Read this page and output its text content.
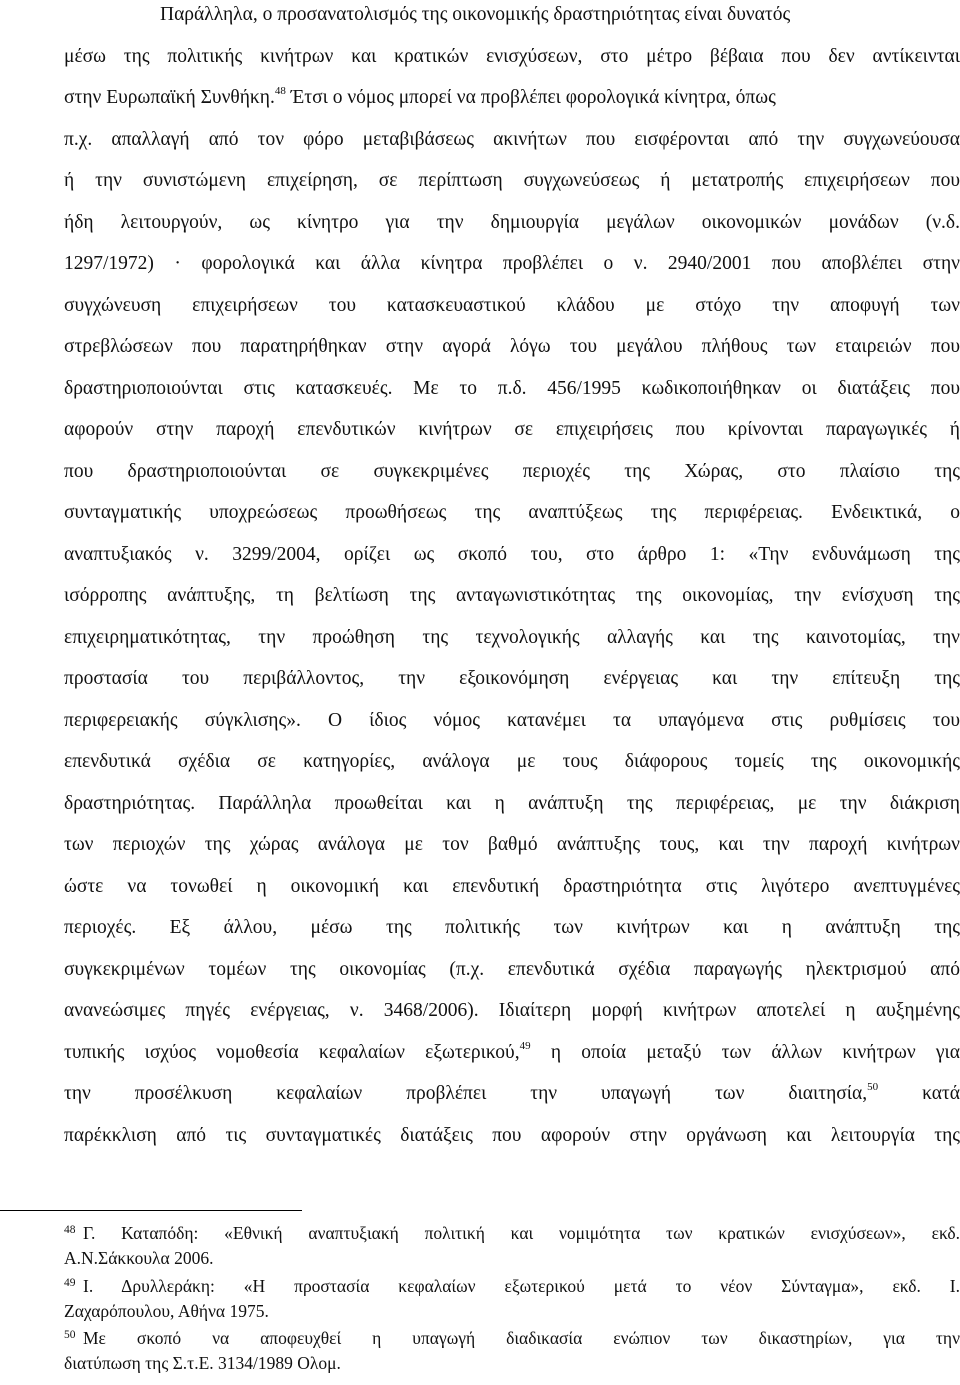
Παράλληλα, ο προσανατολισμός της οικονομικής δραστηριότητας είναι δυνατός
μέσω της πολιτικής κινήτρων και κρατικών ενισχύσεων, στο μέτρο βέβαια που δεν αντίκεινται
στην Ευρωπαϊκή Συνθήκη.$^{48}$ Έτσι ο νόμος μπορεί να προβλέπει φορολογικά κίνητρα, όπως
π.χ. απαλλαγή από τον φόρο μεταβιβάσεως ακινήτων που εισφέρονται από την συγχωνεύουσα
ή την συνιστώμενη επιχείρηση, σε περίπτωση συγχωνεύσεως ή μετατροπής επιχειρήσεων που
ήδη λειτουργούν, ως κίνητρο για την δημιουργία μεγάλων οικονομικών μονάδων (ν.δ.
1297/1972) · φορολογικά και άλλα κίνητρα προβλέπει ο ν. 2940/2001 που αποβλέπει στην
συγχώνευση επιχειρήσεων του κατασκευαστικού κλάδου με στόχο την αποφυγή των
στρεβλώσεων που παρατηρήθηκαν στην αγορά λόγω του μεγάλου πλήθους των εταιρειών που
δραστηριοποιούνται στις κατασκευές. Με το π.δ. 456/1995 κωδικοποιήθηκαν οι διατάξεις που
αφορούν στην παροχή επενδυτικών κινήτρων σε επιχειρήσεις που κρίνονται παραγωγικές ή
που δραστηριοποιούνται σε συγκεκριμένες περιοχές της Χώρας, στο πλαίσιο της
συνταγματικής υποχρεώσεως προωθήσεως της αναπτύξεως της περιφέρειας. Ενδεικτικά, ο
αναπτυξιακός ν. 3299/2004, ορίζει ως σκοπό του, στο άρθρο 1: «Την ενδυνάμωση της
ισόρροπης ανάπτυξης, τη βελτίωση της ανταγωνιστικότητας της οικονομίας, την ενίσχυση της
επιχειρηματικότητας, την προώθηση της τεχνολογικής αλλαγής και της καινοτομίας, την
προστασία του περιβάλλοντος, την εξοικονόμηση ενέργειας και την επίτευξη της
περιφερειακής σύγκλισης». Ο ίδιος νόμος κατανέμει τα υπαγόμενα στις ρυθμίσεις του
επενδυτικά σχέδια σε κατηγορίες, ανάλογα με τους διάφορους τομείς της οικονομικής
δραστηριότητας. Παράλληλα προωθείται και η ανάπτυξη της περιφέρειας, με την διάκριση
των περιοχών της χώρας ανάλογα με τον βαθμό ανάπτυξης τους, και την παροχή κινήτρων
ώστε να τονωθεί η οικονομική και επενδυτική δραστηριότητα στις λιγότερο ανεπτυγμένες
περιοχές. Εξ άλλου, μέσω της πολιτικής των κινήτρων και η ανάπτυξη της
συγκεκριμένων τομέων της οικονομίας (π.χ. επενδυτικά σχέδια παραγωγής ηλεκτρισμού από
ανανεώσιμες πηγές ενέργειας, ν. 3468/2006). Ιδιαίτερη μορφή κινήτρων αποτελεί η αυξημένης
τυπικής ισχύος νομοθεσία κεφαλαίων εξωτερικού,$^{49}$ η οποία μεταξύ των άλλων κινήτρων για
την προσέλκυση κεφαλαίων προβλέπει την υπαγωγή των διαιτησία,$^{50}$ κατά
παρέκκλιση από τις συνταγματικές διατάξεις που αφορούν στην οργάνωση και λειτουργία της
48 Γ. Καταπόδη: «Εθνική αναπτυξιακή πολιτική και νομιμότητα των κρατικών ενισχύσεων», εκδ.
Α.Ν.Σάκκουλα 2006.
49 Ι. Δρυλλεράκη: «Η προστασία κεφαλαίων εξωτερικού μετά το νέον Σύνταγμα», εκδ. Ι.
Ζαχαρόπουλου, Αθήνα 1975.
50 Με σκοπό να αποφευχθεί η υπαγωγή διαδικασία ενώπιον των δικαστηρίων, για την
διατύπωση της Σ.τ.Ε. 3134/1989 Ολομ.
